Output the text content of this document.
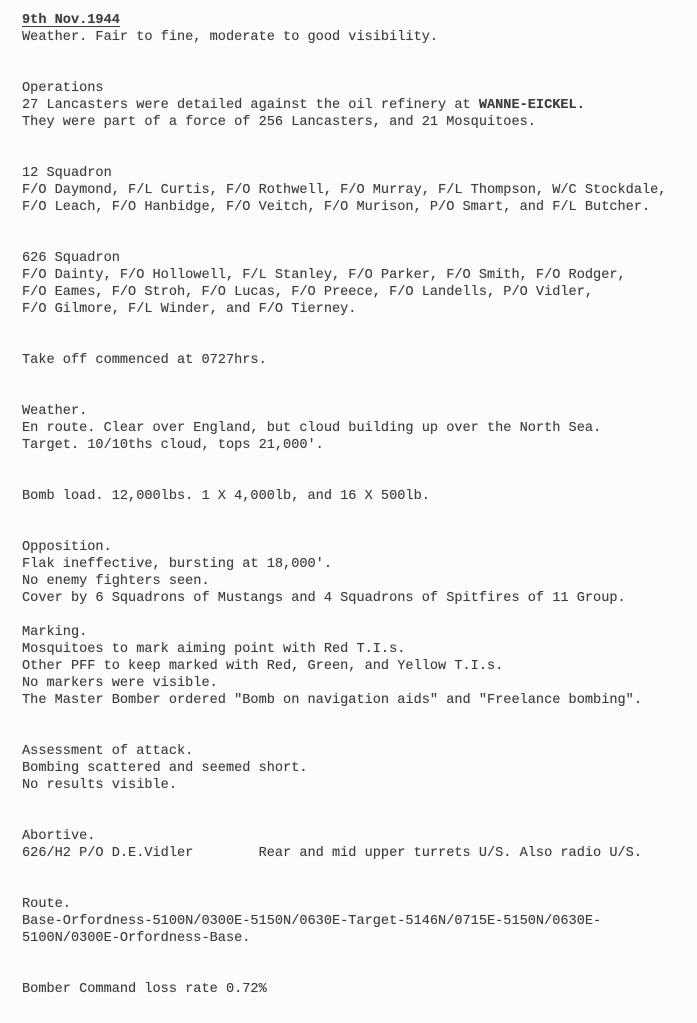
9th Nov.1944
Weather. Fair to fine, moderate to good visibility.
Operations
27 Lancasters were detailed against the oil refinery at WANNE-EICKEL.
They were part of a force of 256 Lancasters, and 21 Mosquitoes.
12 Squadron
F/O Daymond, F/L Curtis, F/O Rothwell, F/O Murray, F/L Thompson, W/C Stockdale,
F/O Leach, F/O Hanbidge, F/O Veitch, F/O Murison, P/O Smart, and F/L Butcher.
626 Squadron
F/O Dainty, F/O Hollowell, F/L Stanley, F/O Parker, F/O Smith, F/O Rodger,
F/O Eames, F/O Stroh, F/O Lucas, F/O Preece, F/O Landells, P/O Vidler,
F/O Gilmore, F/L Winder, and F/O Tierney.
Take off commenced at 0727hrs.
Weather.
En route. Clear over England, but cloud building up over the North Sea.
Target. 10/10ths cloud, tops 21,000'.
Bomb load. 12,000lbs. 1 X 4,000lb, and 16 X 500lb.
Opposition.
Flak ineffective, bursting at 18,000'.
No enemy fighters seen.
Cover by 6 Squadrons of Mustangs and 4 Squadrons of Spitfires of 11 Group.
Marking.
Mosquitoes to mark aiming point with Red T.I.s.
Other PFF to keep marked with Red, Green, and Yellow T.I.s.
No markers were visible.
The Master Bomber ordered "Bomb on navigation aids" and "Freelance bombing".
Assessment of attack.
Bombing scattered and seemed short.
No results visible.
Abortive.
626/H2 P/O D.E.Vidler        Rear and mid upper turrets U/S. Also radio U/S.
Route.
Base-Orfordness-5100N/0300E-5150N/0630E-Target-5146N/0715E-5150N/0630E-
5100N/0300E-Orfordness-Base.
Bomber Command loss rate 0.72%
